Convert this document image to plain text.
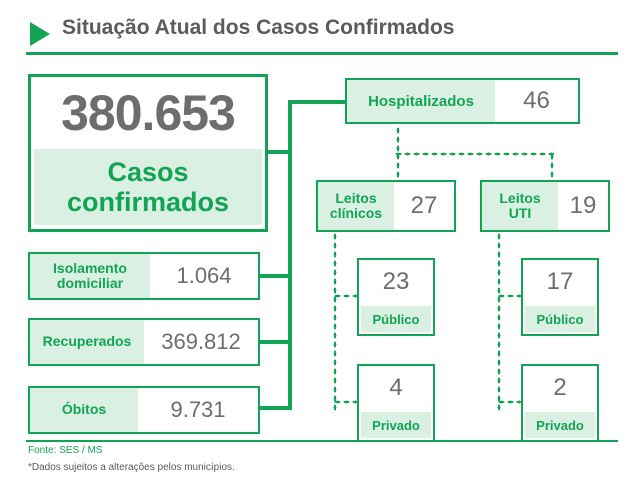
Situação Atual dos Casos Confirmados
380.653
Casos
confirmados
Isolamento
domiciliar	1.064
Recuperados	369.812
Óbitos	9.731
Hospitalizados	46
Leitos
clínicos	27	Leitos
UTI	19
23
Público
4
Privado
17
Público
2
Privado
Fonte: SES / MS
*Dados sujeitos a alterações pelos municípios.
